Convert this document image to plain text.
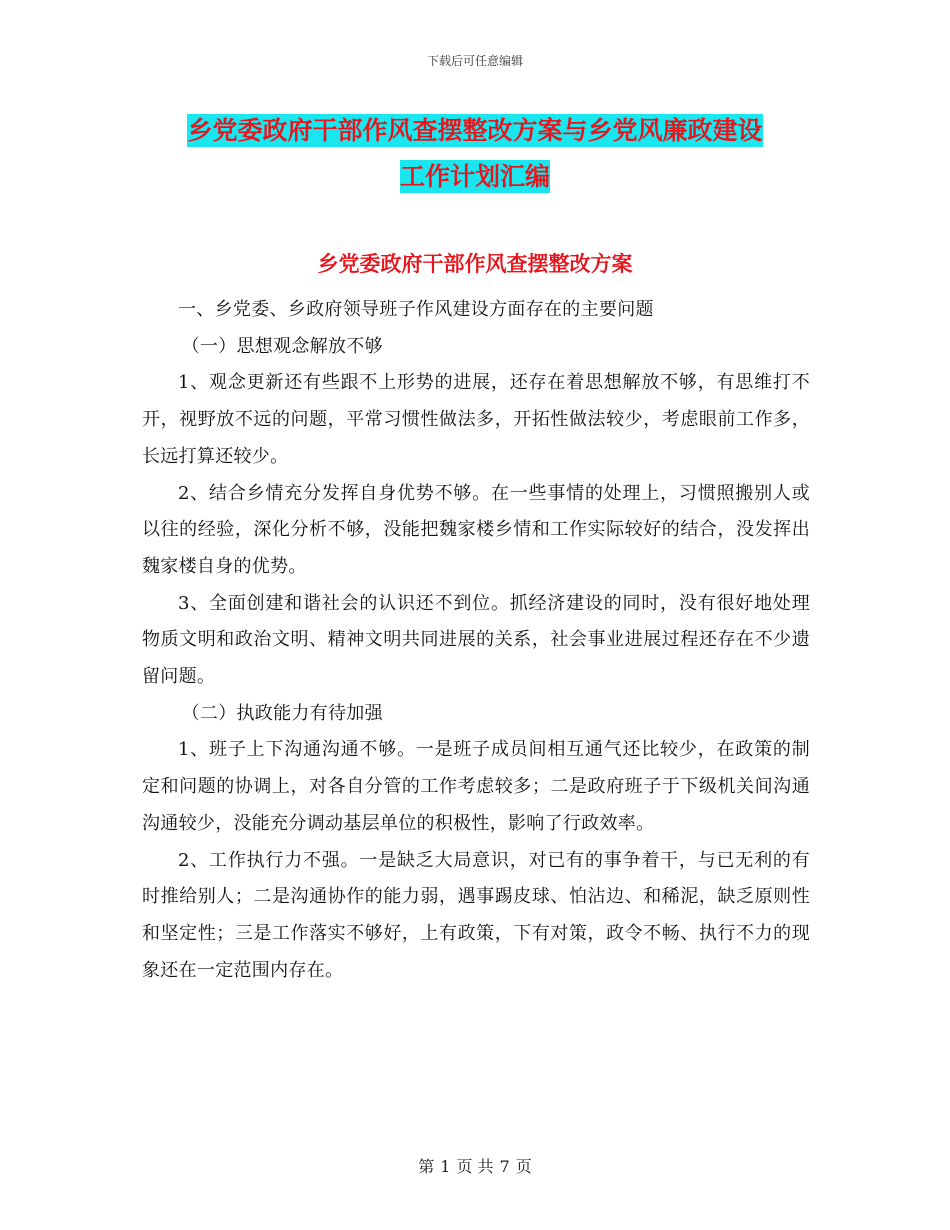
下载后可任意编辑
乡党委政府干部作风查摆整改方案与乡党风廉政建设
工作计划汇编
乡党委政府干部作风查摆整改方案

一、乡党委、乡政府领导班子作风建设方面存在的主要问题

（一）思想观念解放不够

1、观念更新还有些跟不上形势的进展，还存在着思想解放不够，有思维打不开，视野放不远的问题，平常习惯性做法多，开拓性做法较少，考虑眼前工作多，长远打算还较少。

2、结合乡情充分发挥自身优势不够。在一些事情的处理上，习惯照搬别人或以往的经验，深化分析不够，没能把魏家楼乡情和工作实际较好的结合，没发挥出魏家楼自身的优势。

3、全面创建和谐社会的认识还不到位。抓经济建设的同时，没有很好地处理物质文明和政治文明、精神文明共同进展的关系，社会事业进展过程还存在不少遗留问题。

（二）执政能力有待加强

1、班子上下沟通沟通不够。一是班子成员间相互通气还比较少，在政策的制定和问题的协调上，对各自分管的工作考虑较多；二是政府班子于下级机关间沟通沟通较少，没能充分调动基层单位的积极性，影响了行政效率。

2、工作执行力不强。一是缺乏大局意识，对已有的事争着干，与已无利的有时推给别人；二是沟通协作的能力弱，遇事踢皮球、怕沾边、和稀泥，缺乏原则性和坚定性；三是工作落实不够好，上有政策，下有对策，政令不畅、执行不力的现象还在一定范围内存在。

第 1 页 共 7 页
